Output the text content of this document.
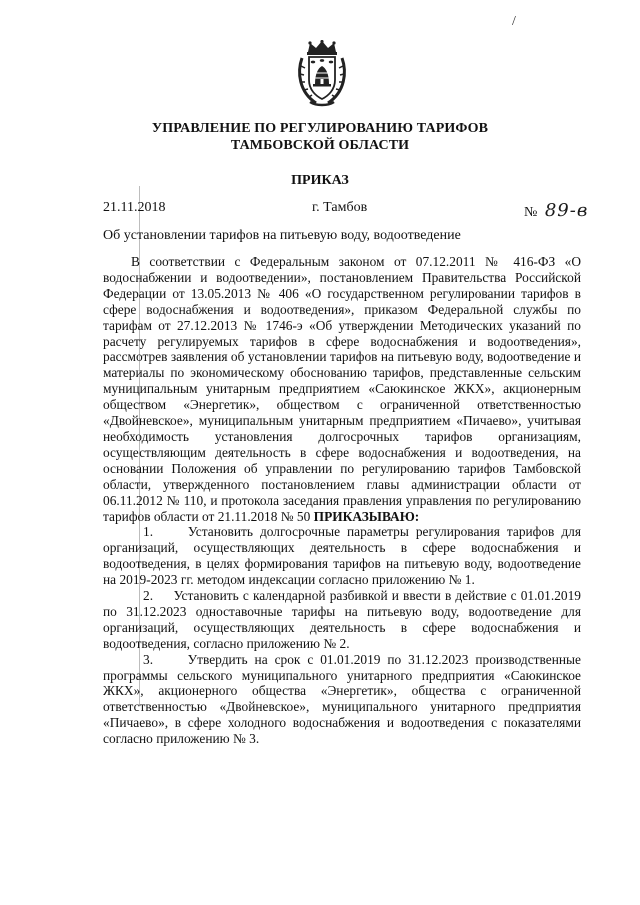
/
УПРАВЛЕНИЕ ПО РЕГУЛИРОВАНИЮ ТАРИФОВ
ТАМБОВСКОЙ ОБЛАСТИ
ПРИКАЗ
21.11.2018	г. Тамбов	№ 89-в
Об установлении тарифов на питьевую воду, водоотведение

В соответствии с Федеральным законом от 07.12.2011 № 416-ФЗ «О водоснабжении и водоотведении», постановлением Правительства Российской Федерации от 13.05.2013 № 406 «О государственном регулировании тарифов в сфере водоснабжения и водоотведения», приказом Федеральной службы по тарифам от 27.12.2013 № 1746-э «Об утверждении Методических указаний по расчету регулируемых тарифов в сфере водоснабжения и водоотведения», рассмотрев заявления об установлении тарифов на питьевую воду, водоотведение и материалы по экономическому обоснованию тарифов, представленные сельским муниципальным унитарным предприятием «Саюкинское ЖКХ», акционерным обществом «Энергетик», обществом с ограниченной ответственностью «Двойневское», муниципальным унитарным предприятием «Пичаево», учитывая необходимость установления долгосрочных тарифов организациям, осуществляющим деятельность в сфере водоснабжения и водоотведения, на основании Положения об управлении по регулированию тарифов Тамбовской области, утвержденного постановлением главы администрации области от 06.11.2012 № 110, и протокола заседания правления управления по регулированию тарифов области от 21.11.2018 № 50 ПРИКАЗЫВАЮ:

1.	Установить долгосрочные параметры регулирования тарифов для организаций, осуществляющих деятельность в сфере водоснабжения и водоотведения, в целях формирования тарифов на питьевую воду, водоотведение на 2019-2023 гг. методом индексации согласно приложению № 1.

2. Установить с календарной разбивкой и ввести в действие с 01.01.2019 по 31.12.2023 одноставочные тарифы на питьевую воду, водоотведение для организаций, осуществляющих деятельность в сфере водоснабжения и водоотведения, согласно приложению № 2.

3.	Утвердить на срок с 01.01.2019 по 31.12.2023 производственные программы сельского муниципального унитарного предприятия «Саюкинское ЖКХ», акционерного общества «Энергетик», общества с ограниченной ответственностью «Двойневское», муниципального унитарного предприятия «Пичаево», в сфере холодного водоснабжения и водоотведения с показателями согласно приложению № 3.
